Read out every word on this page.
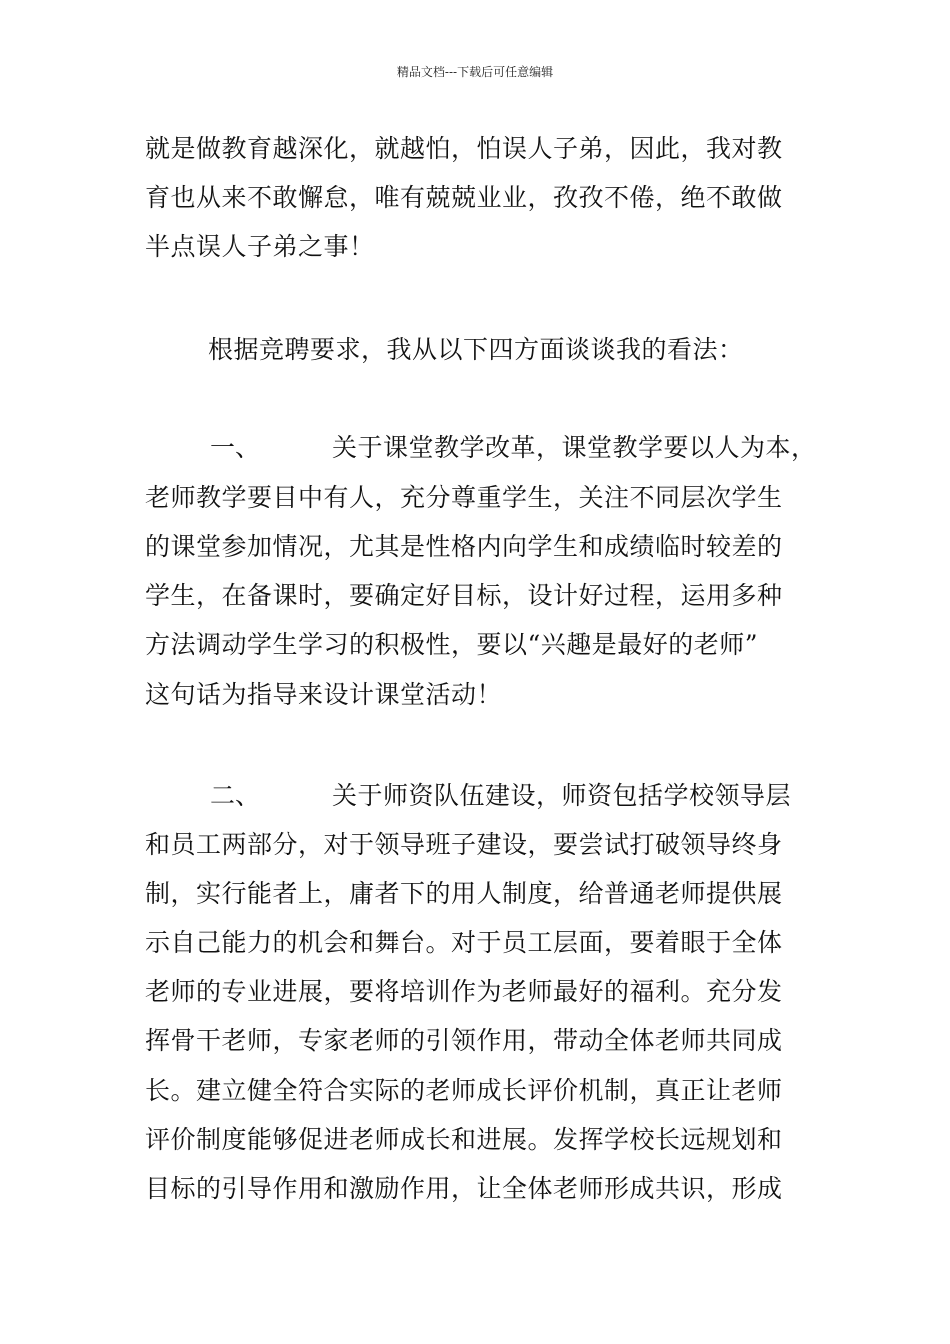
精品文档---下载后可任意编辑
就是做教育越深化，就越怕，怕误人子弟，因此，我对教
育也从来不敢懈怠，唯有兢兢业业，孜孜不倦，绝不敢做
半点误人子弟之事！
根据竞聘要求，我从以下四方面谈谈我的看法：
一、	关于课堂教学改革，课堂教学要以人为本，
老师教学要目中有人，充分尊重学生，关注不同层次学生
的课堂参加情况，尤其是性格内向学生和成绩临时较差的
学生，在备课时，要确定好目标，设计好过程，运用多种
方法调动学生学习的积极性，要以“兴趣是最好的老师”
这句话为指导来设计课堂活动！
二、	关于师资队伍建设，师资包括学校领导层
和员工两部分，对于领导班子建设，要尝试打破领导终身
制，实行能者上，庸者下的用人制度，给普通老师提供展
示自己能力的机会和舞台。对于员工层面，要着眼于全体
老师的专业进展，要将培训作为老师最好的福利。充分发
挥骨干老师，专家老师的引领作用，带动全体老师共同成
长。建立健全符合实际的老师成长评价机制，真正让老师
评价制度能够促进老师成长和进展。发挥学校长远规划和
目标的引导作用和激励作用，让全体老师形成共识，形成
